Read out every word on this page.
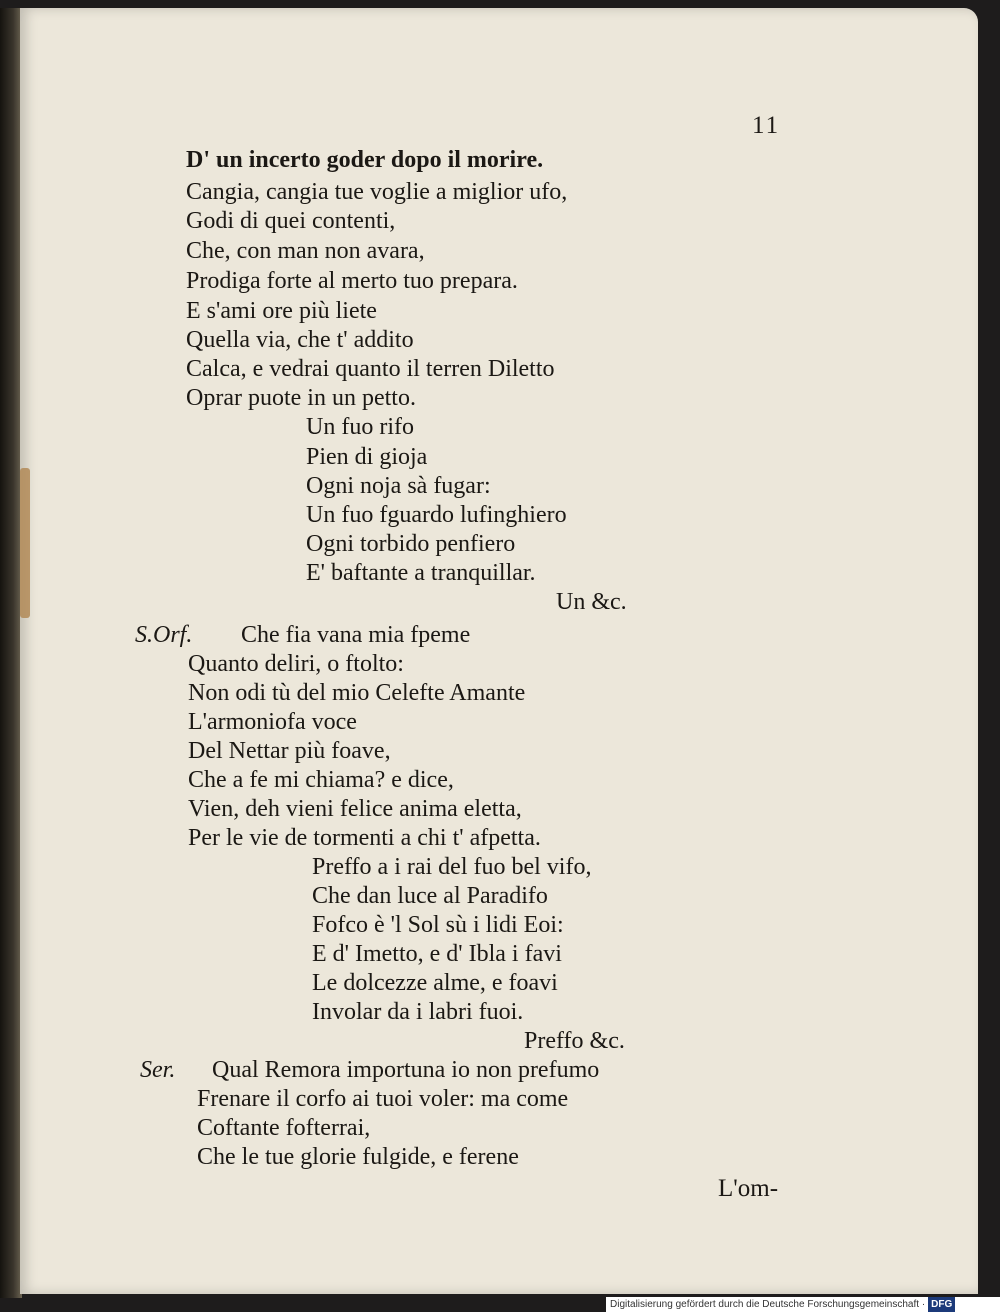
11
D' un incerto goder dopo il morire.
Cangia, cangia tue voglie a miglior ufo,
Godi di quei contenti,
Che, con man non avara,
Prodiga forte al merto tuo prepara.
E s'ami ore più liete
Quella via, che t' addito
Calca, e vedrai quanto il terren Diletto
Oprar puote in un petto.
Un fuo rifo
Pien di gioja
Ogni noja sà fugar:
Un fuo fguardo lufinghiero
Ogni torbido penfiero
E' baftante a tranquillar.
Un &c.
S.Orf. Che fia vana mia fpeme
Quanto deliri, o ftolto:
Non odi tù del mio Celefte Amante
L'armoniofa voce
Del Nettar più foave,
Che a fe mi chiama? e dice,
Vien, deh vieni felice anima eletta,
Per le vie de tormenti a chi t' afpetta.
Preffo a i rai del fuo bel vifo,
Che dan luce al Paradifo
Fofco è 'l Sol sù i lidi Eoi:
E d' Imetto, e d' Ibla i favi
Le dolcezze alme, e foavi
Involar da i labri fuoi.
Preffo &c.
Ser. Qual Remora importuna io non prefumo
Frenare il corfo ai tuoi voler: ma come
Coftante fofterrai,
Che le tue glorie fulgide, e ferene
L'om-
Digitalisierung gefördert durch die Deutsche Forschungsgemeinschaft · DFG
